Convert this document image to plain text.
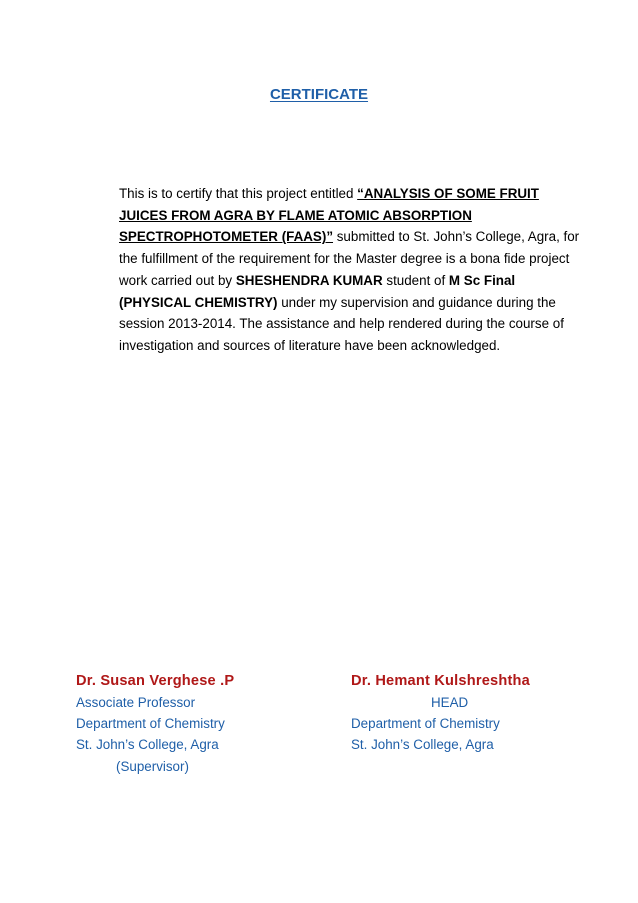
CERTIFICATE
This is to certify that this project entitled “ANALYSIS OF SOME FRUIT JUICES FROM AGRA BY FLAME ATOMIC ABSORPTION SPECTROPHOTOMETER (FAAS)” submitted to St. John’s College, Agra, for the fulfillment of the requirement for the Master degree is a bona fide project work carried out by SHESHENDRA KUMAR student of M Sc Final (PHYSICAL CHEMISTRY) under my supervision and guidance during the session 2013-2014. The assistance and help rendered during the course of investigation and sources of literature have been acknowledged.
Dr. Susan Verghese .P
Associate Professor
Department of Chemistry
St. John’s College, Agra
(Supervisor)
Dr. Hemant Kulshreshtha
HEAD
Department of Chemistry
St. John’s College, Agra
